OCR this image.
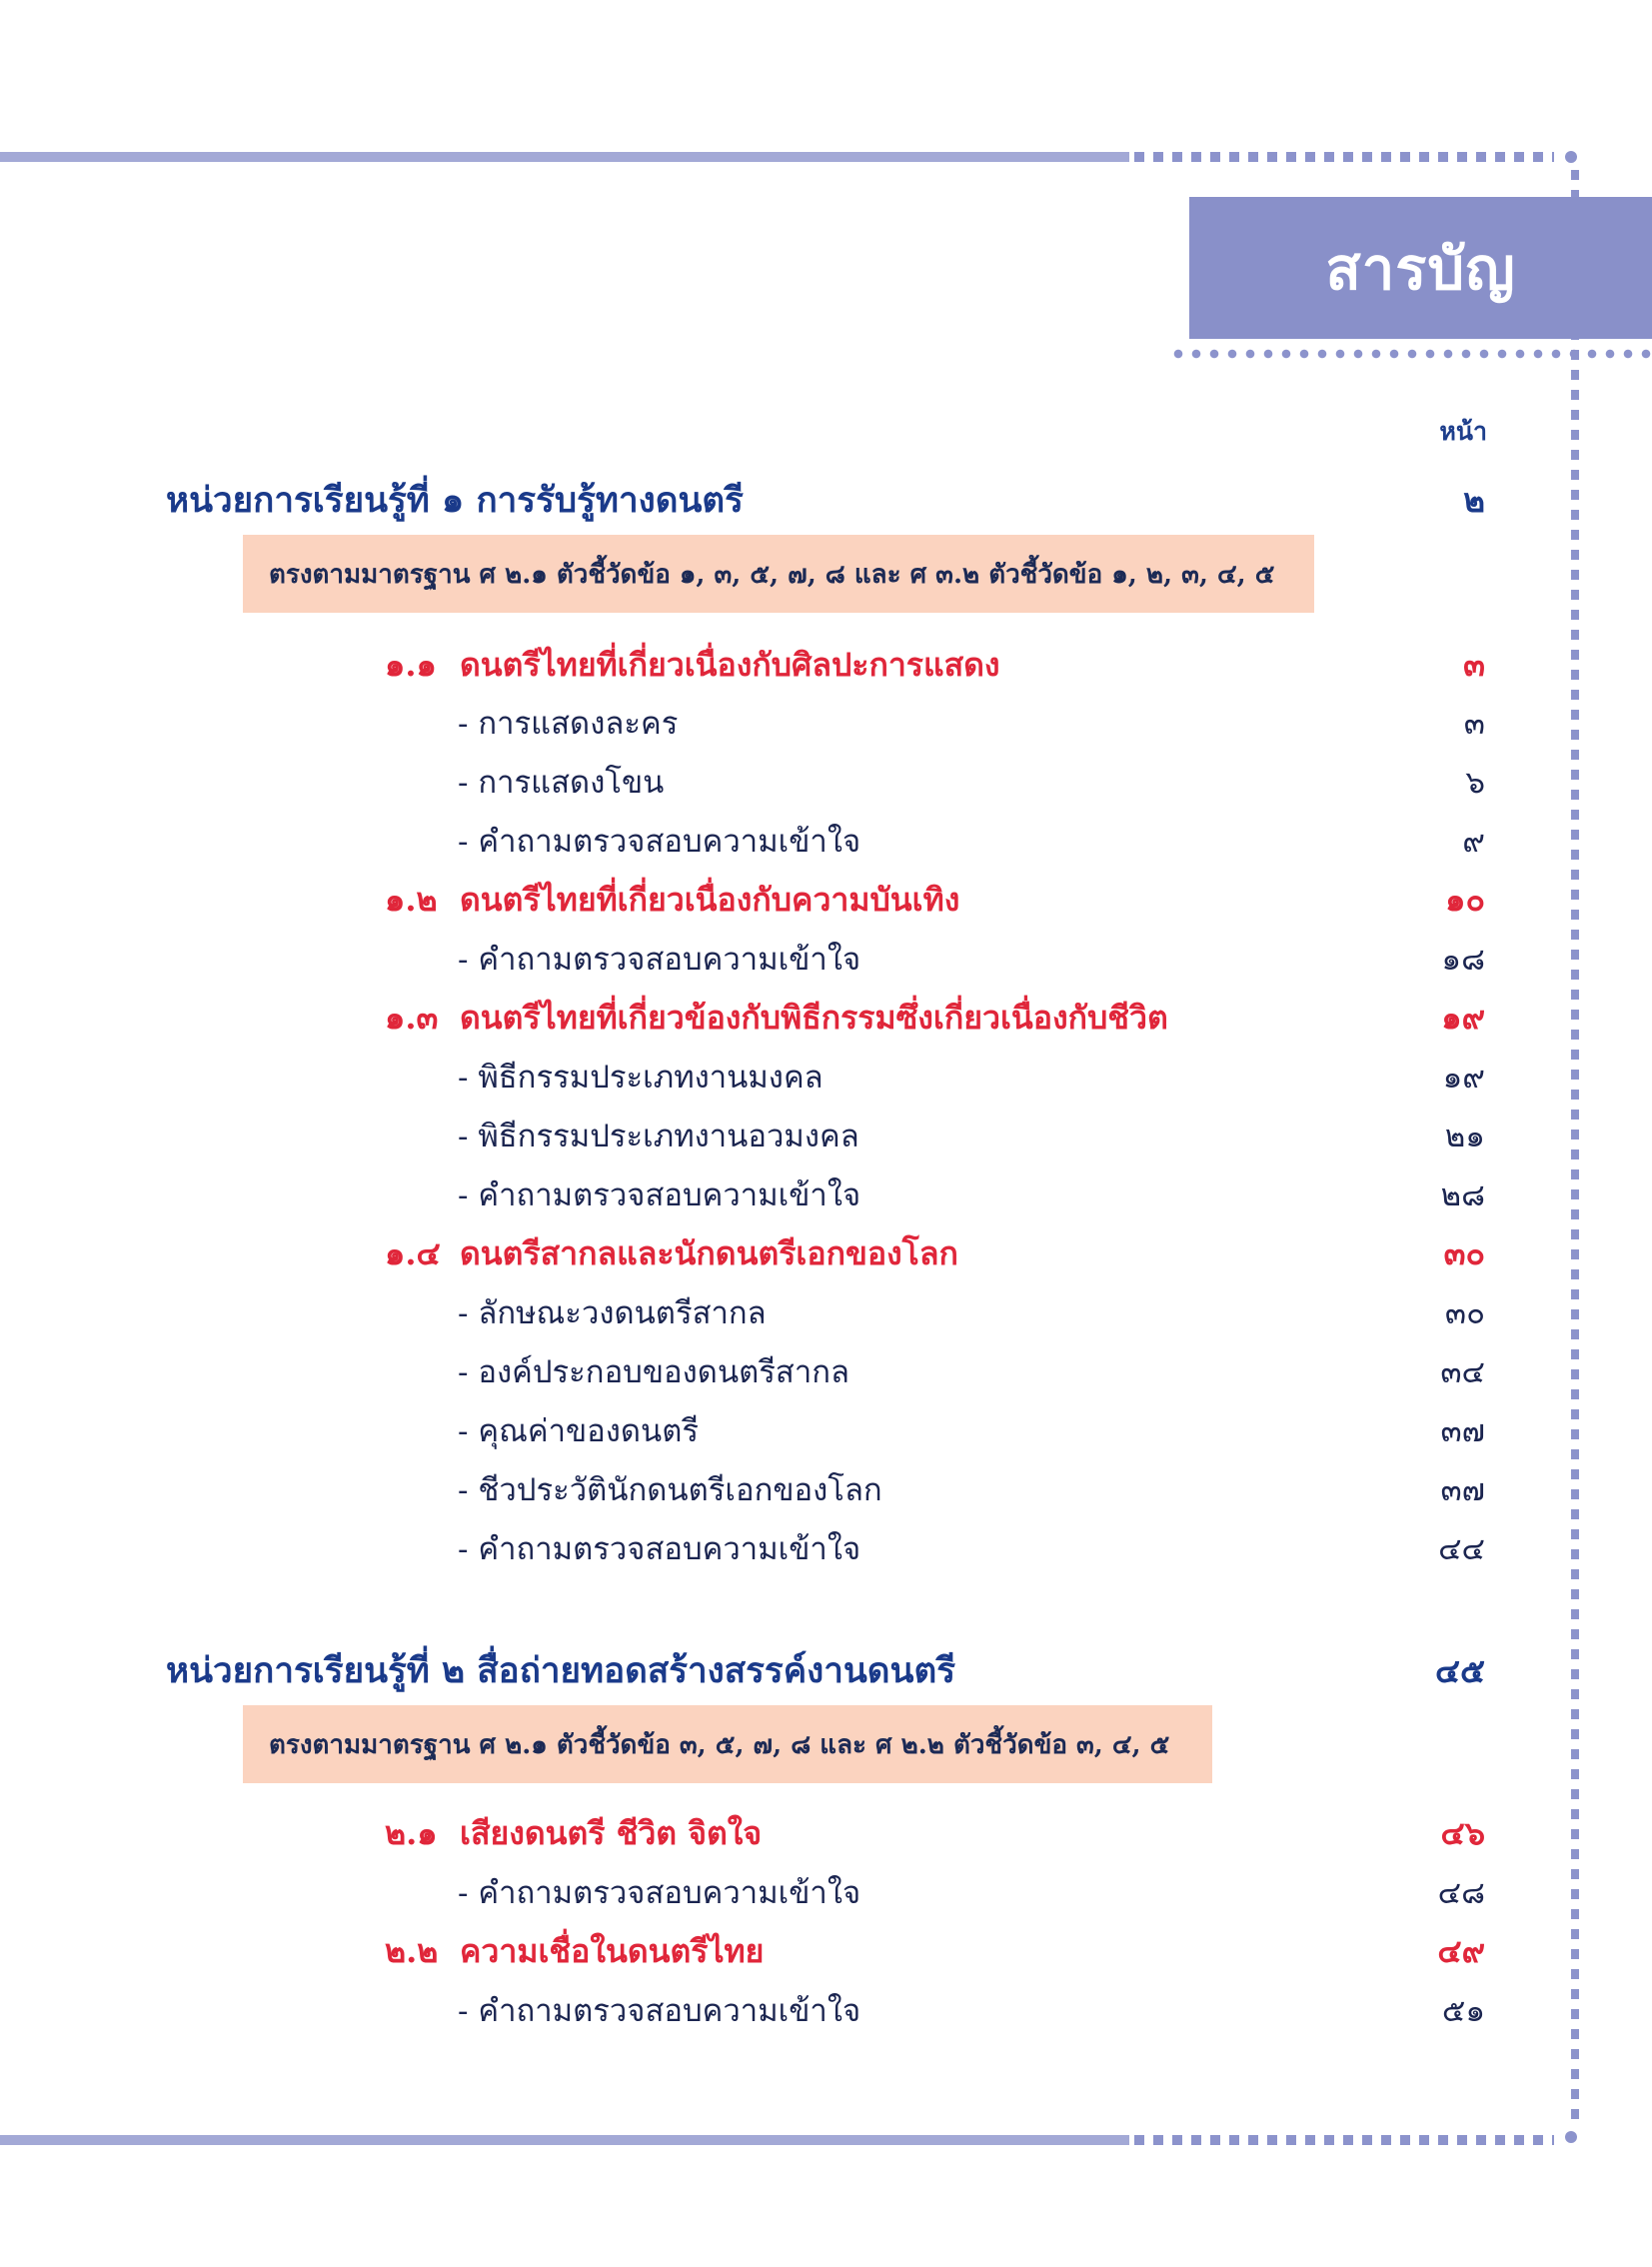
สารบัญ
หน้า
หน่วยการเรียนรู้ที่ ๑ การรับรู้ทางดนตรี	๒
ตรงตามมาตรฐาน ศ ๒.๑ ตัวชี้วัดข้อ ๑, ๓, ๕, ๗, ๘ และ ศ ๓.๒ ตัวชี้วัดข้อ ๑, ๒, ๓, ๔, ๕
๑.๑ ดนตรีไทยที่เกี่ยวเนื่องกับศิลปะการแสดง	๓
- การแสดงละคร	๓
- การแสดงโขน	๖
- คำถามตรวจสอบความเข้าใจ	๙
๑.๒ ดนตรีไทยที่เกี่ยวเนื่องกับความบันเทิง	๑๐
- คำถามตรวจสอบความเข้าใจ	๑๘
๑.๓ ดนตรีไทยที่เกี่ยวข้องกับพิธีกรรมซึ่งเกี่ยวเนื่องกับชีวิต	๑๙
- พิธีกรรมประเภทงานมงคล	๑๙
- พิธีกรรมประเภทงานอวมงคล	๒๑
- คำถามตรวจสอบความเข้าใจ	๒๘
๑.๔ ดนตรีสากลและนักดนตรีเอกของโลก	๓๐
- ลักษณะวงดนตรีสากล	๓๐
- องค์ประกอบของดนตรีสากล	๓๔
- คุณค่าของดนตรี	๓๗
- ชีวประวัตินักดนตรีเอกของโลก	๓๗
- คำถามตรวจสอบความเข้าใจ	๔๔
หน่วยการเรียนรู้ที่ ๒ สื่อถ่ายทอดสร้างสรรค์งานดนตรี	๔๕
ตรงตามมาตรฐาน ศ ๒.๑ ตัวชี้วัดข้อ ๓, ๕, ๗, ๘ และ ศ ๒.๒ ตัวชี้วัดข้อ ๓, ๔, ๕
๒.๑ เสียงดนตรี ชีวิต จิตใจ	๔๖
- คำถามตรวจสอบความเข้าใจ	๔๘
๒.๒ ความเชื่อในดนตรีไทย	๔๙
- คำถามตรวจสอบความเข้าใจ	๕๑
